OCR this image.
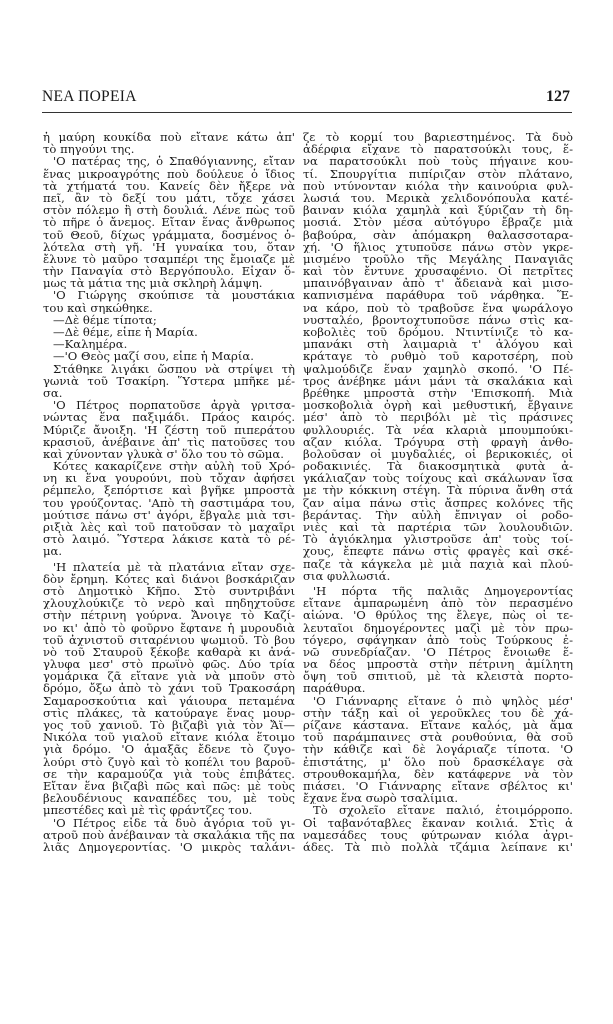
ΝΕΑ ΠΟΡΕΙΑ	127
ἡ μαύρη κουκίδα ποὺ εἴτανε κάτω ἀπ'
τὸ πηγούνι της.
'Ο πατέρας της, ὁ Σπαθόγιαννης, εἴταν
ἕνας μικροαγρότης ποὺ δούλευε ὁ ἴδιος
τὰ χτήματά του. Κανείς δὲν ἤξερε νὰ
πεῖ, ἂν τὸ δεξί του μάτι, τὄχε χάσει
στὸν πόλεμο ἢ στὴ δουλιά. Λένε πὼς τοῦ
τὸ πῆρε ὁ ἄνεμος. Εἴταν ἕνας ἄνθρωπος
τοῦ Θεοῦ, δίχως γράμματα, δοσμένος ὁ-
λότελα στὴ γῆ. 'Η γυναίκα του, ὅταν
ἔλυνε τὸ μαῦρο τσαμπέρι της ἔμοιαζε μὲ
τὴν Παναγία στὸ Βεργόπουλο. Εἶχαν ὅ-
μως τὰ μάτια της μιὰ σκληρὴ λάμψη.
'Ο Γιώργης σκούπισε τὰ μουστάκια
του καὶ σηκώθηκε.
—Δὲ θέμε τίποτα;
—Δὲ θέμε, εἶπε ἡ Μαρία.
—Καλημέρα.
—'Ο Θεὸς μαζί σου, εἶπε ἡ Μαρία.
Στάθηκε λιγάκι ὥσπου νὰ στρίψει τὴ
γωνιὰ τοῦ Τσακίρη. Ὕστερα μπῆκε μέ-
σα.
'Ο Πέτρος πορπατοῦσε ἀργὰ γριτσα-
νώντας ἕνα παξιμάδι. Πράος καιρός.
Μύριζε ἄνοιξη. 'Η ζέστη τοῦ πιπεράτου
κρασιοῦ, ἀνέβαινε ἀπ' τὶς πατοῦσες του
καὶ χύνονταν γλυκὰ σ' ὅλο του τὸ σῶμα.
Κότες κακαρίζενε στὴν αὐλὴ τοῦ Χρό-
νη κι ἕνα γουρούνι, ποὺ τὄχαν ἀφήσει
ρέμπελο, ξεπόρτισε καὶ βγῆκε μπροστὰ
του γρούζοντας. 'Απὸ τὴ σαστιμάρα του,
μούτισε πάνω στ' ἀγόρι, ἔβγαλε μιὰ τσι-
ριξιὰ λὲς καὶ τοῦ πατοῦσαν τὸ μαχαῖρι
στὸ λαιμό. Ὕστερα λάκισε κατὰ τὸ ρέ-
μα.
'Η πλατεία μὲ τὰ πλατάνια εἴταν σχε-
δὸν ἔρημη. Κότες καὶ διάνοι βοσκάριζαν
στὸ Δημοτικὸ Κῆπο. Στὸ συντριβάνι
χλουχλούκιζε τὸ νερὸ καὶ πηδηχτοῦσε
στὴν πέτρινη γούρνα. Ἄνοιγε τὸ Καζί-
νο κι' ἀπὸ τὸ φοῦρνο ἔφτανε ἡ μυρουδιὰ
τοῦ ἀχνιστοῦ σιταρένιου ψωμιοῦ. Τὸ βου
νὸ τοῦ Σταυροῦ ξέκοβε καθαρὰ κι ἀνά-
γλυφα μεσ' στὸ πρωϊνὸ φῶς. Δύο τρία
γομάρικα ζᾶ εἴτανε γιὰ νὰ μποῦν στὸ
δρόμο, ὄξω ἀπὸ τὸ χάνι τοῦ Τρακοσάρη
Σαμαροσκούτια καὶ γάιουρα πεταμένα
στὶς πλάκες, τὰ κατούραγε ἕνας μουρ-
γος τοῦ χανιοῦ. Τὸ βιζαβὶ γιὰ τὸν Ἄϊ—
Νικόλα τοῦ γιαλοῦ εἴτανε κιόλα ἕτοιμο
γιὰ δρόμο. 'Ο ἁμαξᾶς ἔδενε τὸ ζυγο-
λούρι στὸ ζυγὸ καὶ τὸ κοπέλι του βαροῦ-
σε τὴν καραμούζα γιὰ τοὺς ἐπιβάτες.
Εἴταν ἕνα βιζαβὶ πῶς καὶ πῶς: μὲ τοὺς
βελουδένιους καναπέδες του, μὲ τοὺς
μπεστέδες καὶ μὲ τὶς φράντζες του.
'Ο Πέτρος εἶδε τὰ δυὸ ἀγόρια τοῦ γι-
ατροῦ ποὺ ἀνέβαιναν τὰ σκαλάκια τῆς πα
λιᾶς Δημογεροντίας. 'Ο μικρὸς ταλάνι-
ζε τὸ κορμί του βαριεστημένος. Τὰ δυὸ
ἀδέρφια εἴχανε τὸ παρατσούκλι τους, ἕ-
να παρατσούκλι ποὺ τοὺς πήγαινε κου-
τί. Σπουργίτια πιπίριζαν στὸν πλάτανο,
ποὺ ντύνονταν κιόλα τὴν καινούρια φυλ-
λωσιά του. Μερικὰ χελιδονόπουλα κατέ-
βαιναν κιόλα χαμηλὰ καὶ ξύριζαν τὴ δη-
μοσιά. Στὸν μέσα αὐτόγυρο ἔβραζε μιὰ
βαβούρα, σὰν ἀπόμακρη θαλασσοταρα-
χή. 'Ο ἥλιος χτυποῦσε πάνω στὸν γκρε-
μισμένο τροῦλο τῆς Μεγάλης Παναγιᾶς
καὶ τὸν ἔντυνε χρυσαφένιο. Οἱ πετρῖτες
μπαινόβγαιναν ἀπὸ τ' ἄδειανὰ καὶ μισο-
καπνισμένα παράθυρα τοῦ νάρθηκα. Ἕ-
να κάρο, ποὺ τὸ τραβοῦσε ἕνα ψωράλογο
νυσταλέο, βροντοχτυποῦσε πάνω στὶς κα-
κοβολιὲς τοῦ δρόμου. Ντιντίνιζε τὸ κα-
μπανάκι στὴ λαιμαριὰ τ' ἀλόγου καὶ
κράταγε τὸ ρυθμὸ τοῦ καροτσέρη, ποὺ
ψαλμούδιζε ἕναν χαμηλὸ σκοπό. 'Ο Πέ-
τρος ἀνέβηκε μάνι μάνι τὰ σκαλάκια καὶ
βρέθηκε μπροστὰ στὴν 'Επισκοπή. Μιὰ
μοσκοβολιὰ ὀγρὴ καὶ μεθυστική, ἔβγαινε
μέσ' ἀπὸ τὸ περιβόλι μὲ τὶς πράσινες
φυλλουριές. Τὰ νέα κλαριὰ μπουμπούκι-
αζαν κιόλα. Τρόγυρα στὴ φραγὴ ἀνθο-
βολοῦσαν οἱ μυγδαλιές, οἱ βερικοκιές, οἱ
ροδακινιές. Τὰ διακοσμητικὰ φυτὰ ἀ-
γκάλιαζαν τοὺς τοίχους καὶ σκάλωναν ἴσα
με τὴν κόκκινη στέγη. Τὰ πύρινα ἄνθη στά
ζαν αἷμα πάνω στὶς ἄσπρες κολόνες τῆς
βεράντας. Τὴν αὐλὴ ἔπνιγαν οἱ ροδο-
νιὲς καὶ τὰ παρτέρια τῶν λουλουδιῶν.
Τὸ ἀγιόκλημα γλιστροῦσε ἀπ' τοὺς τοί-
χους, ἔπεφτε πάνω στὶς φραγὲς καὶ σκέ-
παζε τὰ κάγκελα μὲ μιὰ παχιὰ καὶ πλού-
σια φυλλωσιά.
'Η πόρτα τῆς παλιᾶς Δημογεροντίας
εἴτανε ἀμπαρωμένη ἀπὸ τὸν περασμένο
αἰώνα. 'Ο θρύλος της ἔλεγε, πὼς οἱ τε-
λευταῖοι δημογέροντες μαζὶ μὲ τὸν πρω-
τόγερο, σφάγηκαν ἀπὸ τοὺς Τούρκους ἐ-
νῶ συνεδρίαζαν. 'Ο Πέτρος ἔνοιωθε ἕ-
να δέος μπροστὰ στὴν πέτρινη ἀμίλητη
ὄψη τοῦ σπιτιοῦ, μὲ τὰ κλειστὰ πορτο-
παράθυρα.
'Ο Γιάνναρης εἴτανε ὁ πιὸ ψηλὸς μέσ'
στὴν τάξη καὶ οἱ γεροῦκλες του δὲ χά-
ρίζανε κάστανα. Εἴτανε καλός, μὰ ἅμα
τοῦ παράμπαινες στὰ ρουθούνια, θὰ σοῦ
τὴν κάθιζε καὶ δὲ λογάριαζε τίποτα. 'Ο
ἐπιστάτης, μ' ὅλο ποὺ δρασκέλαγε σὰ
στρουθοκαμήλα, δὲν κατάφερνε νὰ τὸν
πιάσει. 'Ο Γιάνναρης εἴτανε σβέλτος κι'
ἔχανε ἕνα σωρὸ τσαλίμια.
Τὸ σχολεῖο εἴτανε παλιό, ἑτοιμόρροπο.
Οἱ ταβανόταβλες ἔκαναν κοιλιά. Στὶς ἀ
ναμεσάδες τους φύτρωναν κιόλα ἀγρι-
άδες. Τὰ πιὸ πολλὰ τζάμια λείπανε κι'
